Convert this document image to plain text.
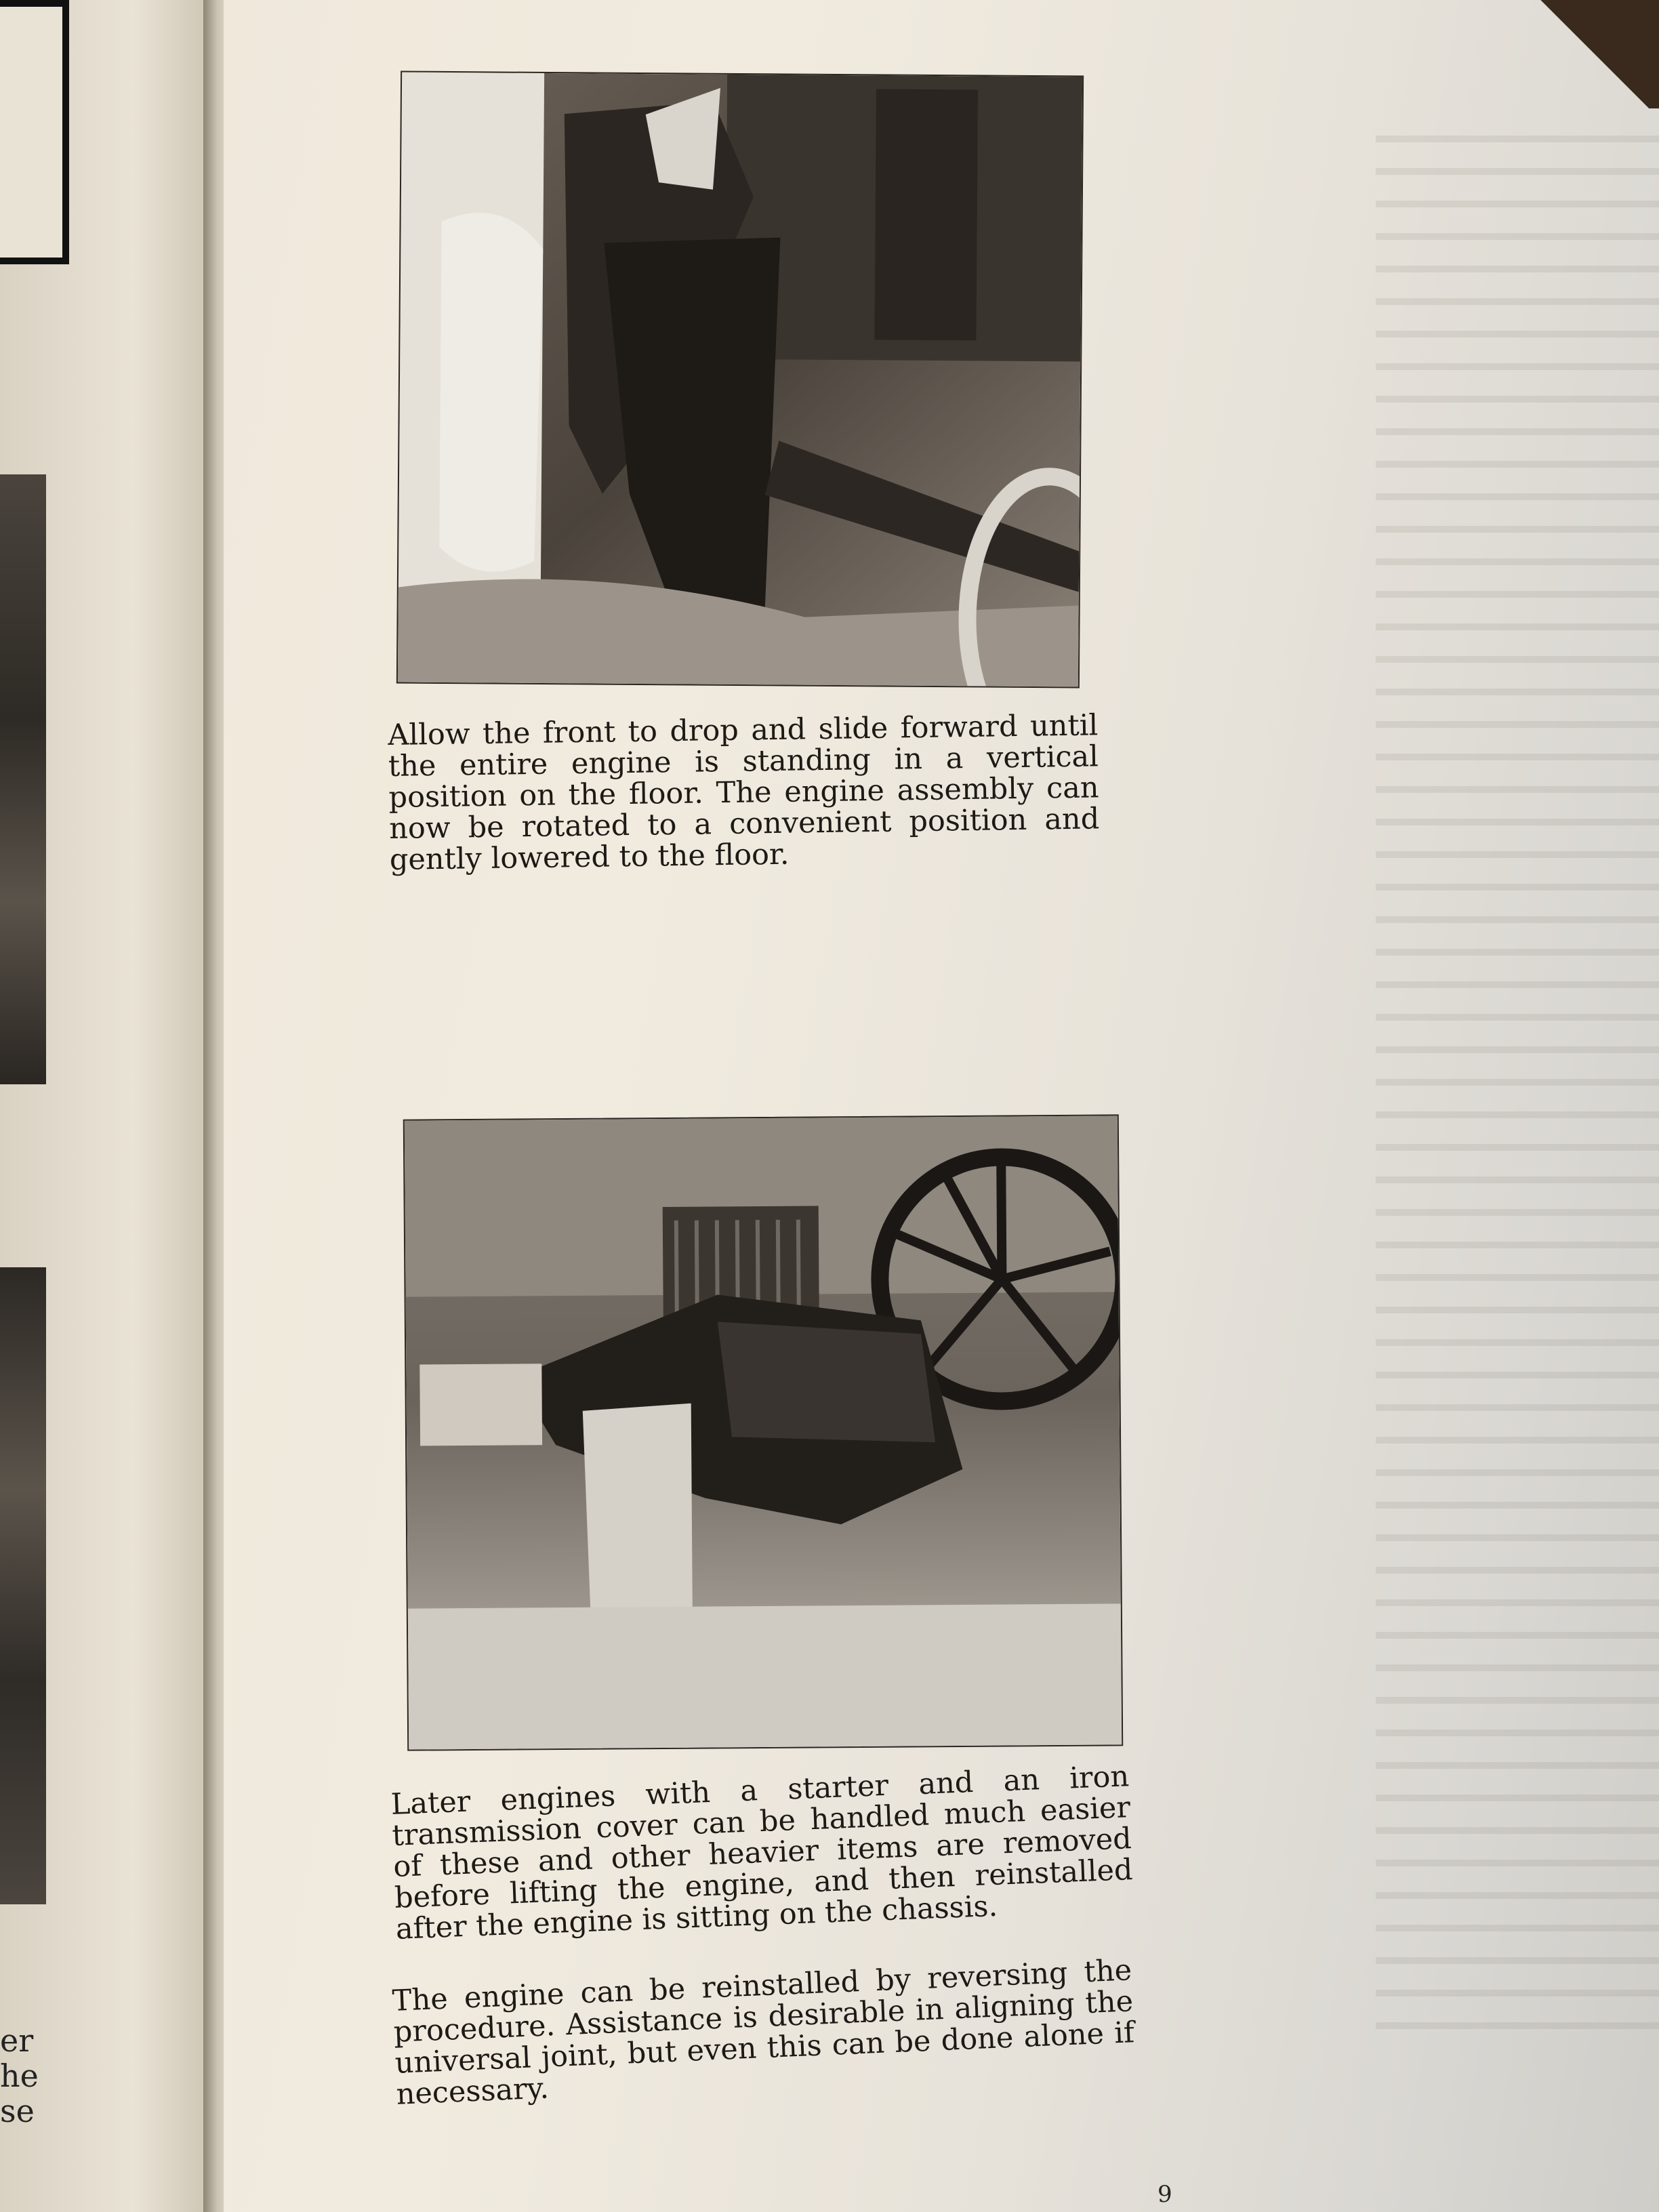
er
he
se
Allow the front to drop and slide forward until the entire engine is standing in a vertical position on the floor. The engine assembly can now be rotated to a convenient position and gently lowered to the floor.
Later engines with a starter and an iron transmission cover can be handled much easier of these and other heavier items are removed before lifting the engine, and then reinstalled after the engine is sitting on the chassis.
The engine can be reinstalled by reversing the procedure. Assistance is desirable in aligning the universal joint, but even this can be done alone if necessary.
9
